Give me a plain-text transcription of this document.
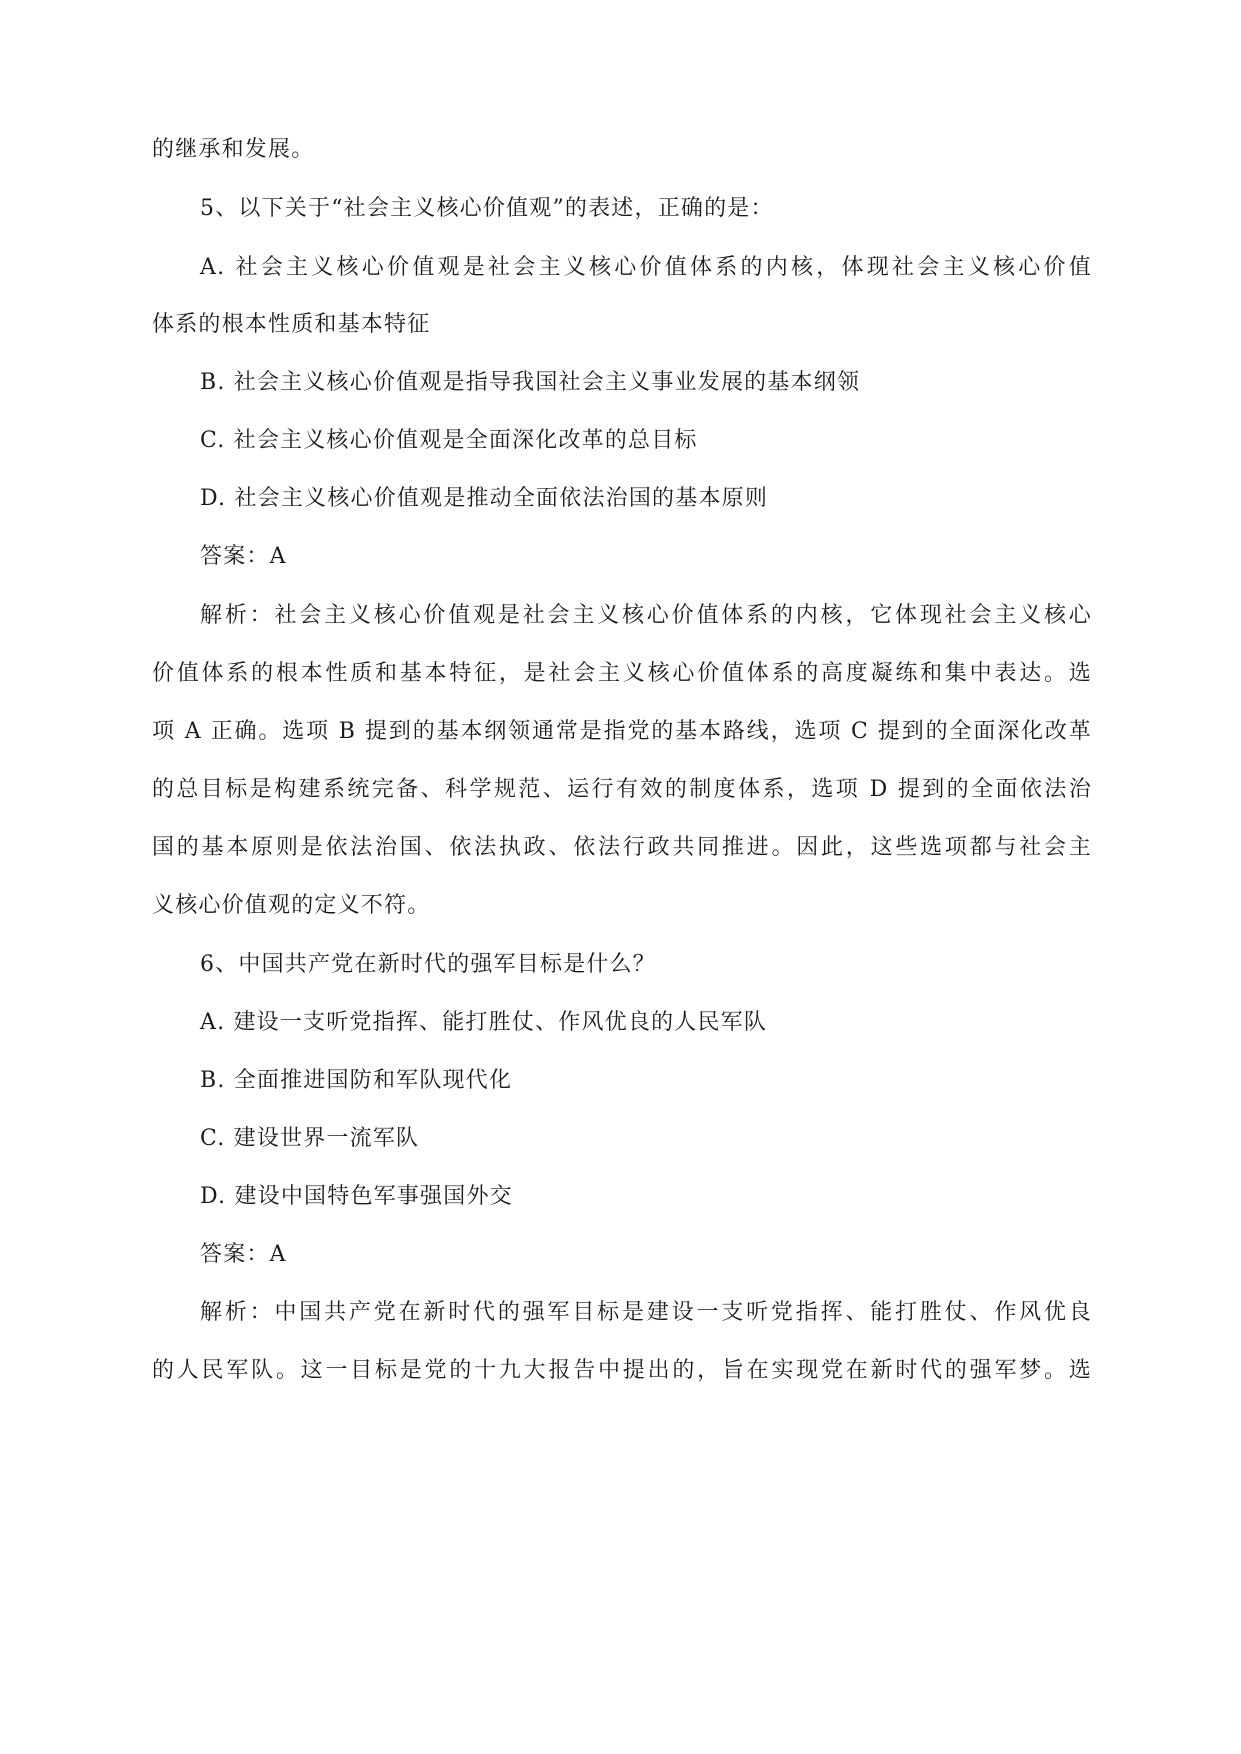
的继承和发展。
5、以下关于“社会主义核心价值观”的表述，正确的是：
A. 社会主义核心价值观是社会主义核心价值体系的内核，体现社会主义核心价值
体系的根本性质和基本特征
B. 社会主义核心价值观是指导我国社会主义事业发展的基本纲领
C. 社会主义核心价值观是全面深化改革的总目标
D. 社会主义核心价值观是推动全面依法治国的基本原则
答案：A
解析：社会主义核心价值观是社会主义核心价值体系的内核，它体现社会主义核心
价值体系的根本性质和基本特征，是社会主义核心价值体系的高度凝练和集中表达。选
项 A 正确。选项 B 提到的基本纲领通常是指党的基本路线，选项 C 提到的全面深化改革
的总目标是构建系统完备、科学规范、运行有效的制度体系，选项 D 提到的全面依法治
国的基本原则是依法治国、依法执政、依法行政共同推进。因此，这些选项都与社会主
义核心价值观的定义不符。
6、中国共产党在新时代的强军目标是什么？
A. 建设一支听党指挥、能打胜仗、作风优良的人民军队
B. 全面推进国防和军队现代化
C. 建设世界一流军队
D. 建设中国特色军事强国外交
答案：A
解析：中国共产党在新时代的强军目标是建设一支听党指挥、能打胜仗、作风优良
的人民军队。这一目标是党的十九大报告中提出的，旨在实现党在新时代的强军梦。选
